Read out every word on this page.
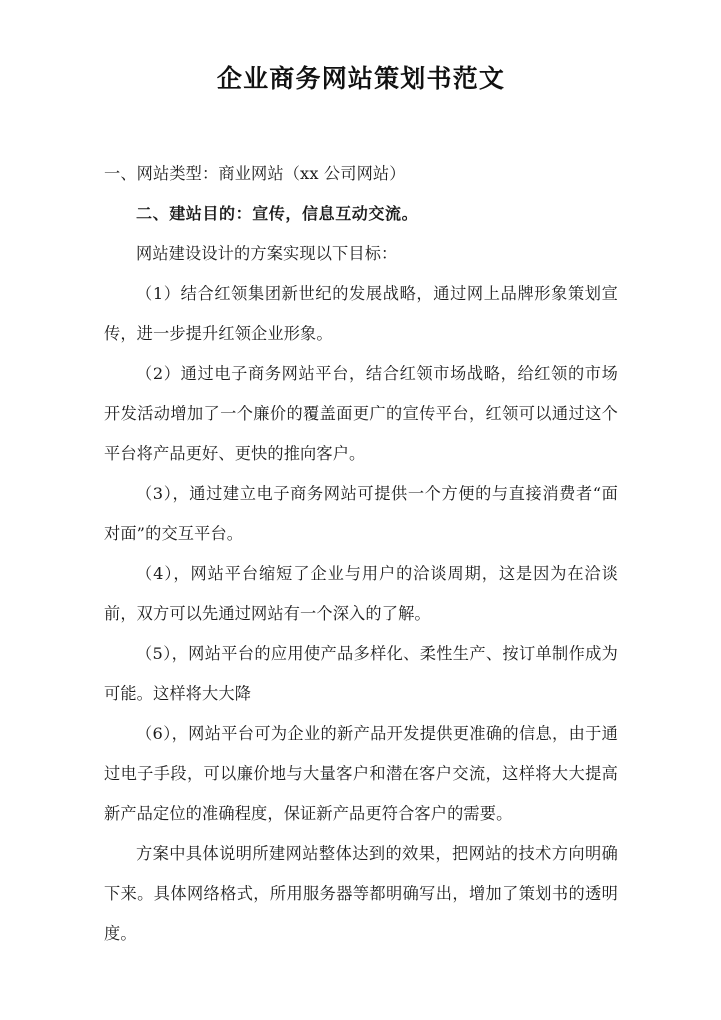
企业商务网站策划书范文

一、网站类型：商业网站（xx 公司网站）

二、建站目的：宣传，信息互动交流。

网站建设设计的方案实现以下目标：

（1）结合红领集团新世纪的发展战略，通过网上品牌形象策划宣传，进一步提升红领企业形象。

（2）通过电子商务网站平台，结合红领市场战略，给红领的市场开发活动增加了一个廉价的覆盖面更广的宣传平台，红领可以通过这个平台将产品更好、更快的推向客户。

（3），通过建立电子商务网站可提供一个方便的与直接消费者“面对面”的交互平台。

（4），网站平台缩短了企业与用户的洽谈周期，这是因为在洽谈前，双方可以先通过网站有一个深入的了解。

（5），网站平台的应用使产品多样化、柔性生产、按订单制作成为可能。这样将大大降

（6），网站平台可为企业的新产品开发提供更准确的信息，由于通过电子手段，可以廉价地与大量客户和潜在客户交流，这样将大大提高新产品定位的准确程度，保证新产品更符合客户的需要。

方案中具体说明所建网站整体达到的效果，把网站的技术方向明确下来。具体网络格式，所用服务器等都明确写出，增加了策划书的透明度。
